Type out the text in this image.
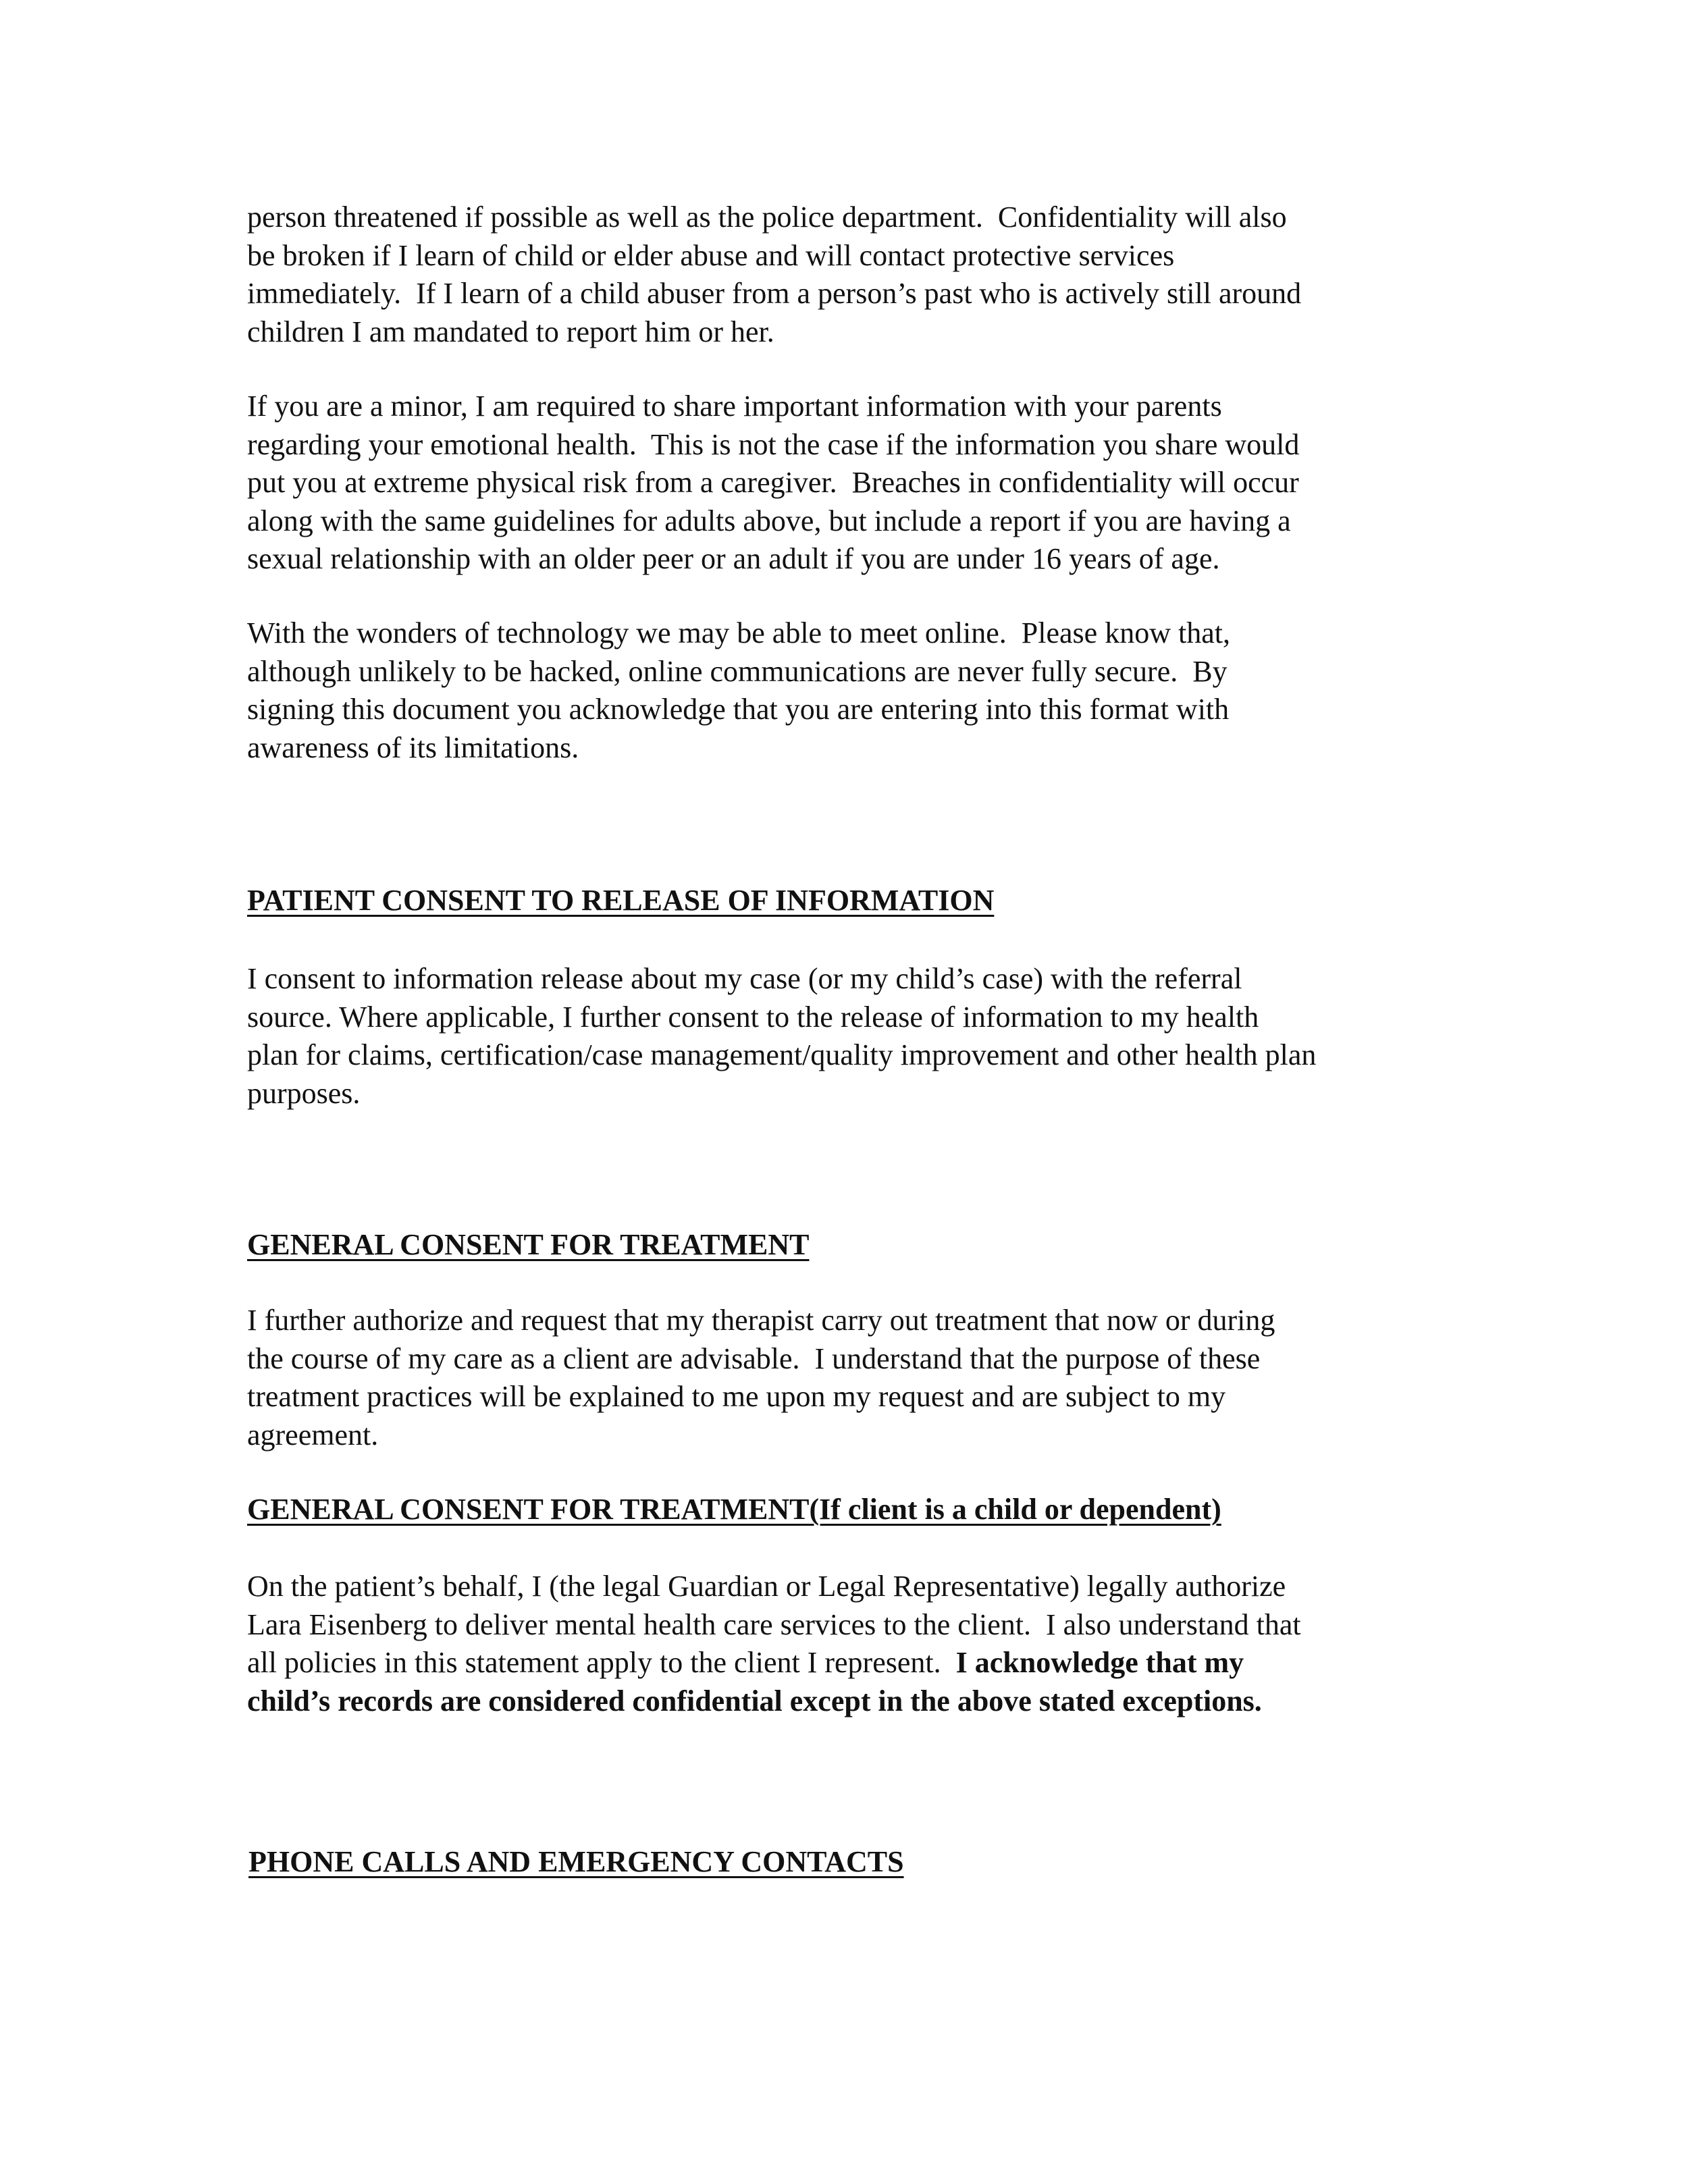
person threatened if possible as well as the police department.  Confidentiality will also
be broken if I learn of child or elder abuse and will contact protective services
immediately.  If I learn of a child abuser from a person’s past who is actively still around
children I am mandated to report him or her.

If you are a minor, I am required to share important information with your parents
regarding your emotional health.  This is not the case if the information you share would
put you at extreme physical risk from a caregiver.  Breaches in confidentiality will occur
along with the same guidelines for adults above, but include a report if you are having a
sexual relationship with an older peer or an adult if you are under 16 years of age.

With the wonders of technology we may be able to meet online.  Please know that,
although unlikely to be hacked, online communications are never fully secure.  By
signing this document you acknowledge that you are entering into this format with
awareness of its limitations.

PATIENT CONSENT TO RELEASE OF INFORMATION

I consent to information release about my case (or my child’s case) with the referral
source. Where applicable, I further consent to the release of information to my health
plan for claims, certification/case management/quality improvement and other health plan
purposes.

GENERAL CONSENT FOR TREATMENT

I further authorize and request that my therapist carry out treatment that now or during
the course of my care as a client are advisable.  I understand that the purpose of these
treatment practices will be explained to me upon my request and are subject to my
agreement.

GENERAL CONSENT FOR TREATMENT(If client is a child or dependent)

On the patient’s behalf, I (the legal Guardian or Legal Representative) legally authorize
Lara Eisenberg to deliver mental health care services to the client.  I also understand that
all policies in this statement apply to the client I represent.  I acknowledge that my
child’s records are considered confidential except in the above stated exceptions.

PHONE CALLS AND EMERGENCY CONTACTS
